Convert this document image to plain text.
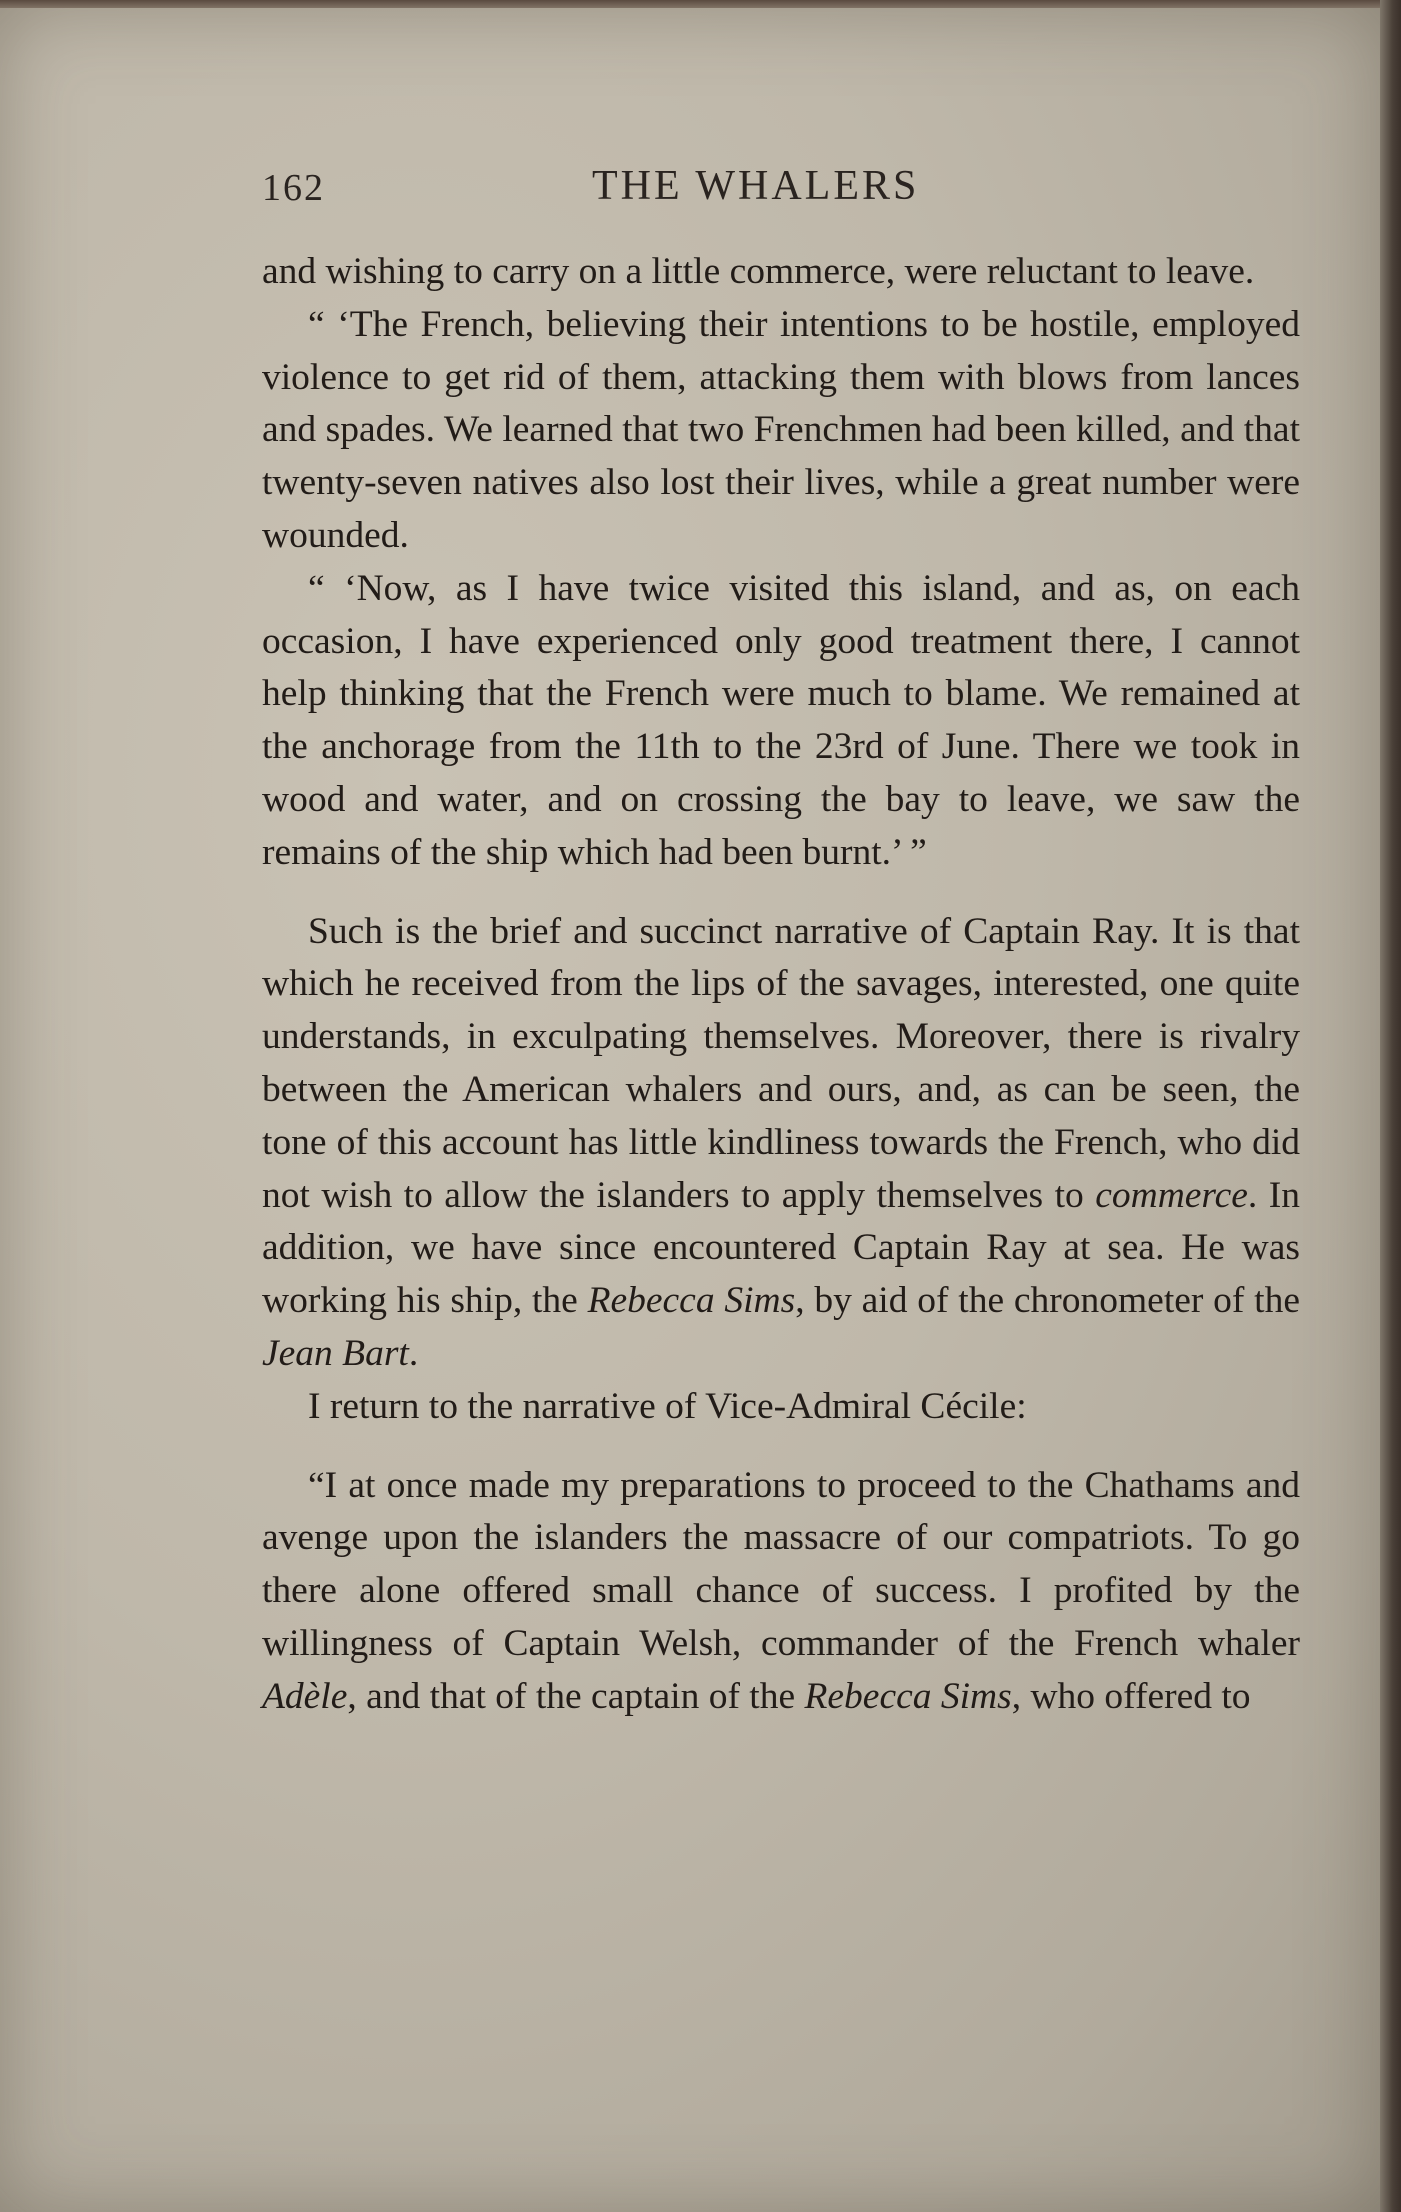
162	THE WHALERS

and wishing to carry on a little commerce, were reluctant to leave.

“ ‘The French, believing their intentions to be hostile, employed violence to get rid of them, attacking them with blows from lances and spades. We learned that two Frenchmen had been killed, and that twenty-seven natives also lost their lives, while a great number were wounded.

“ ‘Now, as I have twice visited this island, and as, on each occasion, I have experienced only good treatment there, I cannot help thinking that the French were much to blame. We remained at the anchorage from the 11th to the 23rd of June. There we took in wood and water, and on crossing the bay to leave, we saw the remains of the ship which had been burnt.’ ”

Such is the brief and succinct narrative of Captain Ray. It is that which he received from the lips of the savages, interested, one quite understands, in exculpating themselves. Moreover, there is rivalry between the American whalers and ours, and, as can be seen, the tone of this account has little kindliness towards the French, who did not wish to allow the islanders to apply themselves to commerce. In addition, we have since encountered Captain Ray at sea. He was working his ship, the Rebecca Sims, by aid of the chronometer of the Jean Bart.

I return to the narrative of Vice-Admiral Cécile:

“I at once made my preparations to proceed to the Chathams and avenge upon the islanders the massacre of our compatriots. To go there alone offered small chance of success. I profited by the willingness of Captain Welsh, commander of the French whaler Adèle, and that of the captain of the Rebecca Sims, who offered to
